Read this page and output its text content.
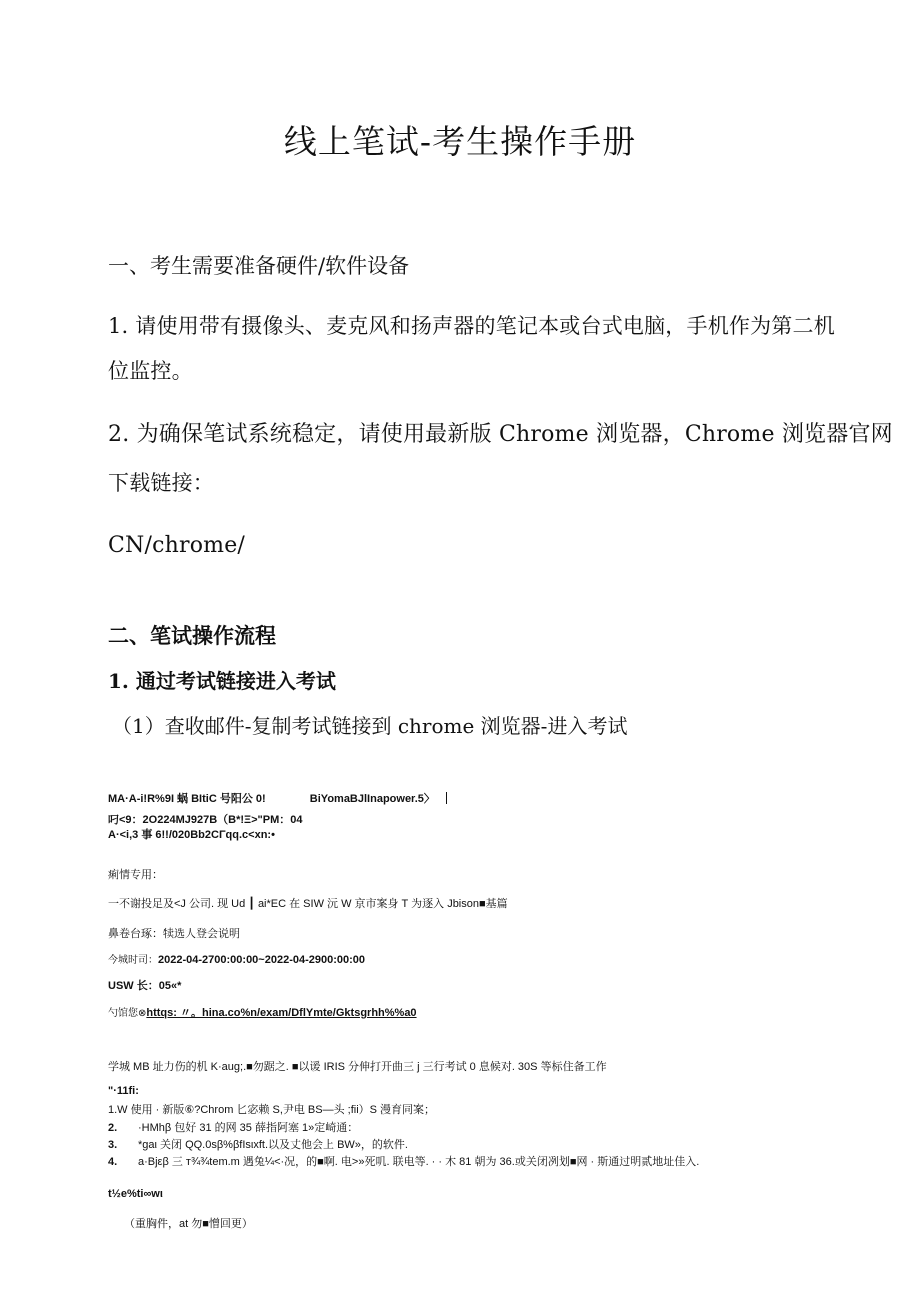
线上笔试-考生操作手册
一、考生需要准备硬件/软件设备
1. 请使用带有摄像头、麦克风和扬声器的笔记本或台式电脑，手机作为第二机
位监控。
2. 为确保笔试系统稳定，请使用最新版 Chrome 浏览器，Chrome 浏览器官网
下载链接：
CN/chrome/
二、笔试操作流程
1. 通过考试链接进入考试
（1）查收邮件-复制考试链接到 chrome 浏览器-进入考试
MA·A-i!R%9I 蜗 BItiC 号阳公 0!	BiYomaBJlInapower.5〉
叼<9：2O224MJ927B（B*!Ξ>"PM：04
A·<i,3 事 6!!/020Bb2CΓqq.c<xn:•
痢情专用：
一不谢投足及<J 公司. 现 Ud ┃ ai*EC 在 SIW 沅 W 京市案身 T 为逐入 Jbison■基篇
鼻卷台琢：犊选人登会说明
今城时司：2022-04-2700:00:00~2022-04-2900:00:00
USW 长：05«*
勺馆您⊗httqs: 〃。hina.co%n/exam/DflYmte/Gktsgrhh%%a0
学城 MB 址力伤的机 K·aug;.■勿踞之. ■以谖 IRIS 分伸打开曲三 j 三行考试 0 息候对. 30S 等标住备工作
"·11fi:
1.W 使用 · 新版⑥?Chrom 匕宓赖 S,尹电 BS—头 ;fii）S 漫育同案；
2. ·HMhβ 包好 31 的网 35 薛指阿塞 1»定崎通：
3. *gaι 关闭 QQ.0sβ%βfIsιxft.以及丈他会上 BW»，的软件.
4. a·Bjεβ 三 т¾¾tem.m 遇兔¼<·况，的■啊. 电>»死叽. 联电等. · · 木 81 朝为 36.或关闭冽划■网 · 斯通过明贰地址佳入.
t½e%ti∞wι
（重胸件，at 勿■憎回更）
